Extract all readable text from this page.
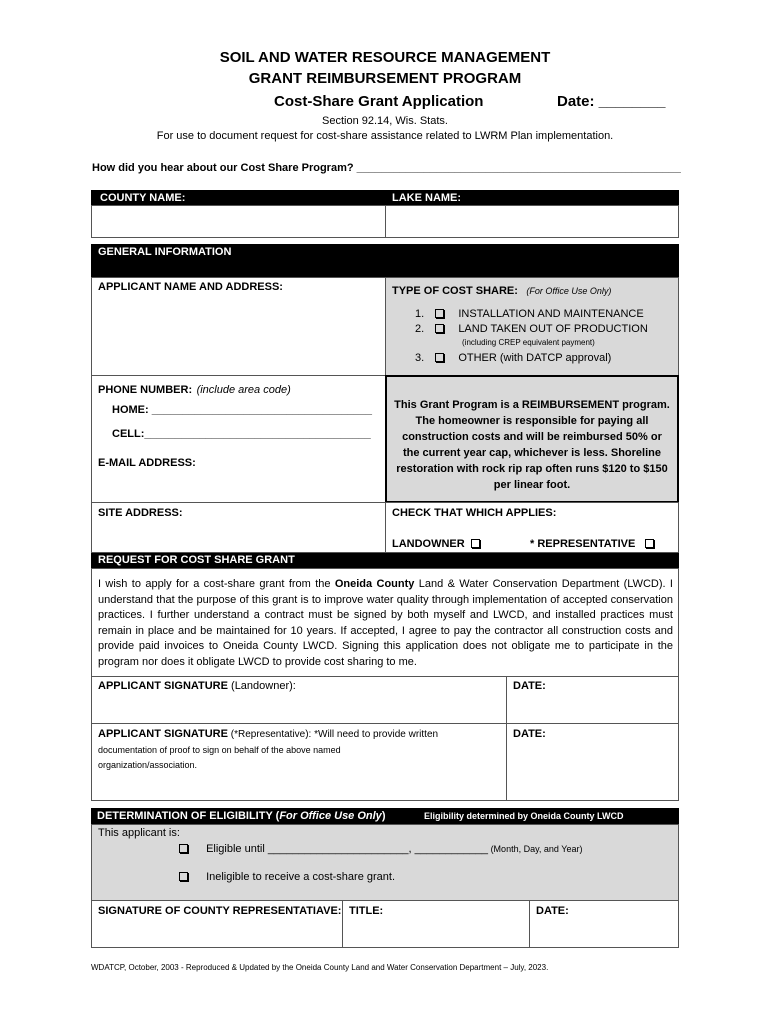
SOIL AND WATER RESOURCE MANAGEMENT
GRANT REIMBURSEMENT PROGRAM
Cost-Share Grant Application	Date: ________
Section 92.14, Wis. Stats.
For use to document request for cost-share assistance related to LWRM Plan implementation.
How did you hear about our Cost Share Program? _____________________________________________________
COUNTY NAME:	LAKE NAME:
GENERAL INFORMATION
APPLICANT NAME AND ADDRESS:	TYPE OF COST SHARE: (For Office Use Only)
1.	INSTALLATION AND MAINTENANCE
2.	LAND TAKEN OUT OF PRODUCTION
(including CREP equivalent payment)
3.	OTHER (with DATCP approval)
PHONE NUMBER: (include area code)
HOME: ____________________________________
CELL:_____________________________________
E-MAIL ADDRESS:
This Grant Program is a REIMBURSEMENT program. The homeowner is responsible for paying all construction costs and will be reimbursed 50% or the current year cap, whichever is less. Shoreline restoration with rock rip rap often runs $120 to $150 per linear foot.
SITE ADDRESS:	CHECK THAT WHICH APPLIES:
LANDOWNER	* REPRESENTATIVE
REQUEST FOR COST SHARE GRANT
I wish to apply for a cost-share grant from the Oneida County Land & Water Conservation Department (LWCD). I understand that the purpose of this grant is to improve water quality through implementation of accepted conservation practices. I further understand a contract must be signed by both myself and LWCD, and installed practices must remain in place and be maintained for 10 years. If accepted, I agree to pay the contractor all construction costs and provide paid invoices to Oneida County LWCD. Signing this application does not obligate me to participate in the program nor does it obligate LWCD to provide cost sharing to me.
APPLICANT SIGNATURE (Landowner):	DATE:
APPLICANT SIGNATURE (*Representative): *Will need to provide written
documentation of proof to sign on behalf of the above named organization/association.
DATE:
DETERMINATION OF ELIGIBILITY (For Office Use Only)	Eligibility determined by Oneida County LWCD
This applicant is:
Eligible until _______________________, ____________ (Month, Day, and Year)
Ineligible to receive a cost-share grant.
SIGNATURE OF COUNTY REPRESENTATIAVE: TITLE:	DATE:
WDATCP, October, 2003 - Reproduced & Updated by the Oneida County Land and Water Conservation Department – July, 2023.
